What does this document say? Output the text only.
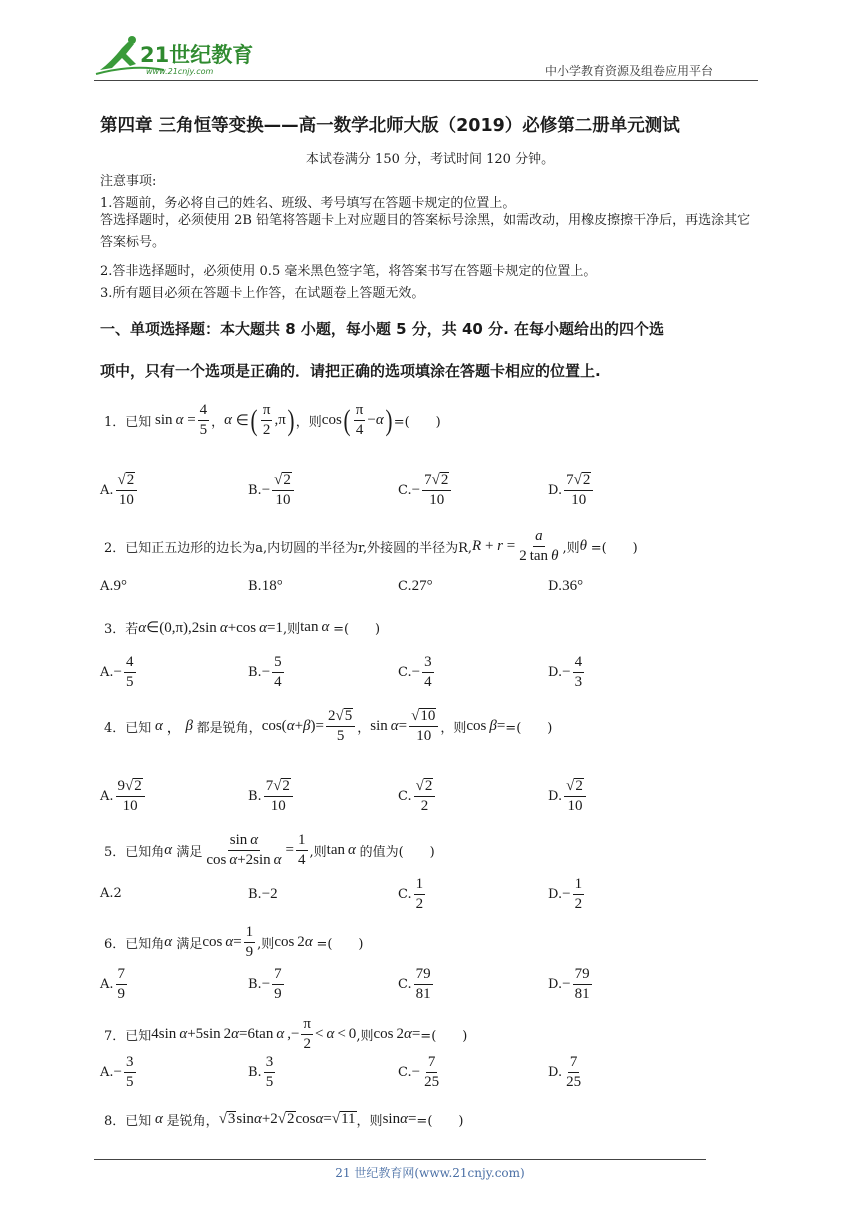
21世纪教育
www.21cnjy.com	中小学教育资源及组卷应用平台
第四章 三角恒等变换——高一数学北师大版（2019）必修第二册单元测试
本试卷满分 150 分，考试时间 120 分钟。
注意事项:
1.答题前，务必将自己的姓名、班级、考号填写在答题卡规定的位置上。
答选择题时，必须使用 2B 铅笔将答题卡上对应题目的答案标号涂黑，如需改动，用橡皮擦擦干净后，再选涂其它答案标号。
2.答非选择题时，必须使用 0.5 毫米黑色签字笔，将答案书写在答题卡规定的位置上。
3.所有题目必须在答题卡上作答，在试题卷上答题无效。
一、单项选择题：本大题共 8 小题，每小题 5 分，共 40 分. 在每小题给出的四个选
项中，只有一个选项是正确的．请把正确的选项填涂在答题卡相应的位置上.
1． 已知 $\sin \alpha = \frac{4}{5}$ ， α ∈ ( $\frac{\pi}{2} ,\pi$ ) ，则 cos ( $\frac{\pi}{4} -\alpha$ ) =(　　)
A. $\frac{√2}{10}$	B. − $\frac{√2}{10}$	C. − $\frac{7√2}{10}$	D. $\frac{7√2}{10}$
2． 已知正五边形的边长为a,内切圆的半径为r,外接圆的半径为R, $R + r = \frac{a}{\text{2 tan θ}}$ ,则 θ
=(　　)
A. 9°	B. 18°	C. 27°	D. 36°
3． 若 α∈(0,π),2sin α+cos α=1 ,则 tan α =(　　)
A. − $\frac{4}{5}$	B. − $\frac{5}{4}$	C. − $\frac{3}{4}$	D. − $\frac{4}{3}$
4． 已知 α ， β 都是锐角， $\cos(\alpha+\beta)= \frac{2√5}{5}$ ， $\sin \alpha= \frac{√10}{10}$ ，则 cos β= =(　　)
A. $\frac{9√2}{10}$	B. $\frac{7√2}{10}$	C. $\frac{√2}{2}$	D. $\frac{√2}{10}$
5． 已知角 α
满足 $\frac{\text{sin α}}{\text{cos α+2sin α}} = \frac{1}{4}$ ,则 tan α 的值为(　　)
A.2	B. −2	C. $\frac{1}{2}$	D. − $\frac{1}{2}$
6． 已知角 α
满足 $\cos \alpha= \frac{1}{9}$ ,则 cos 2α =(　　)
A. $\frac{7}{9}$	B. − $\frac{7}{9}$	C. $\frac{79}{81}$	D. − $\frac{79}{81}$
7． 已知 4sin α+5sin 2α=6tan α ,− $\frac{\pi}{2} < \alpha < 0$ ,则 cos 2α= =(　　)
A. − $\frac{3}{5}$	B. $\frac{3}{5}$	C. − $\frac{7}{25}$	D. $\frac{7}{25}$
8． 已知 α 是锐角， √3sinα+2√2cosα=√11 ，则 sinα= =(　　)
21 世纪教育网(www.21cnjy.com)
